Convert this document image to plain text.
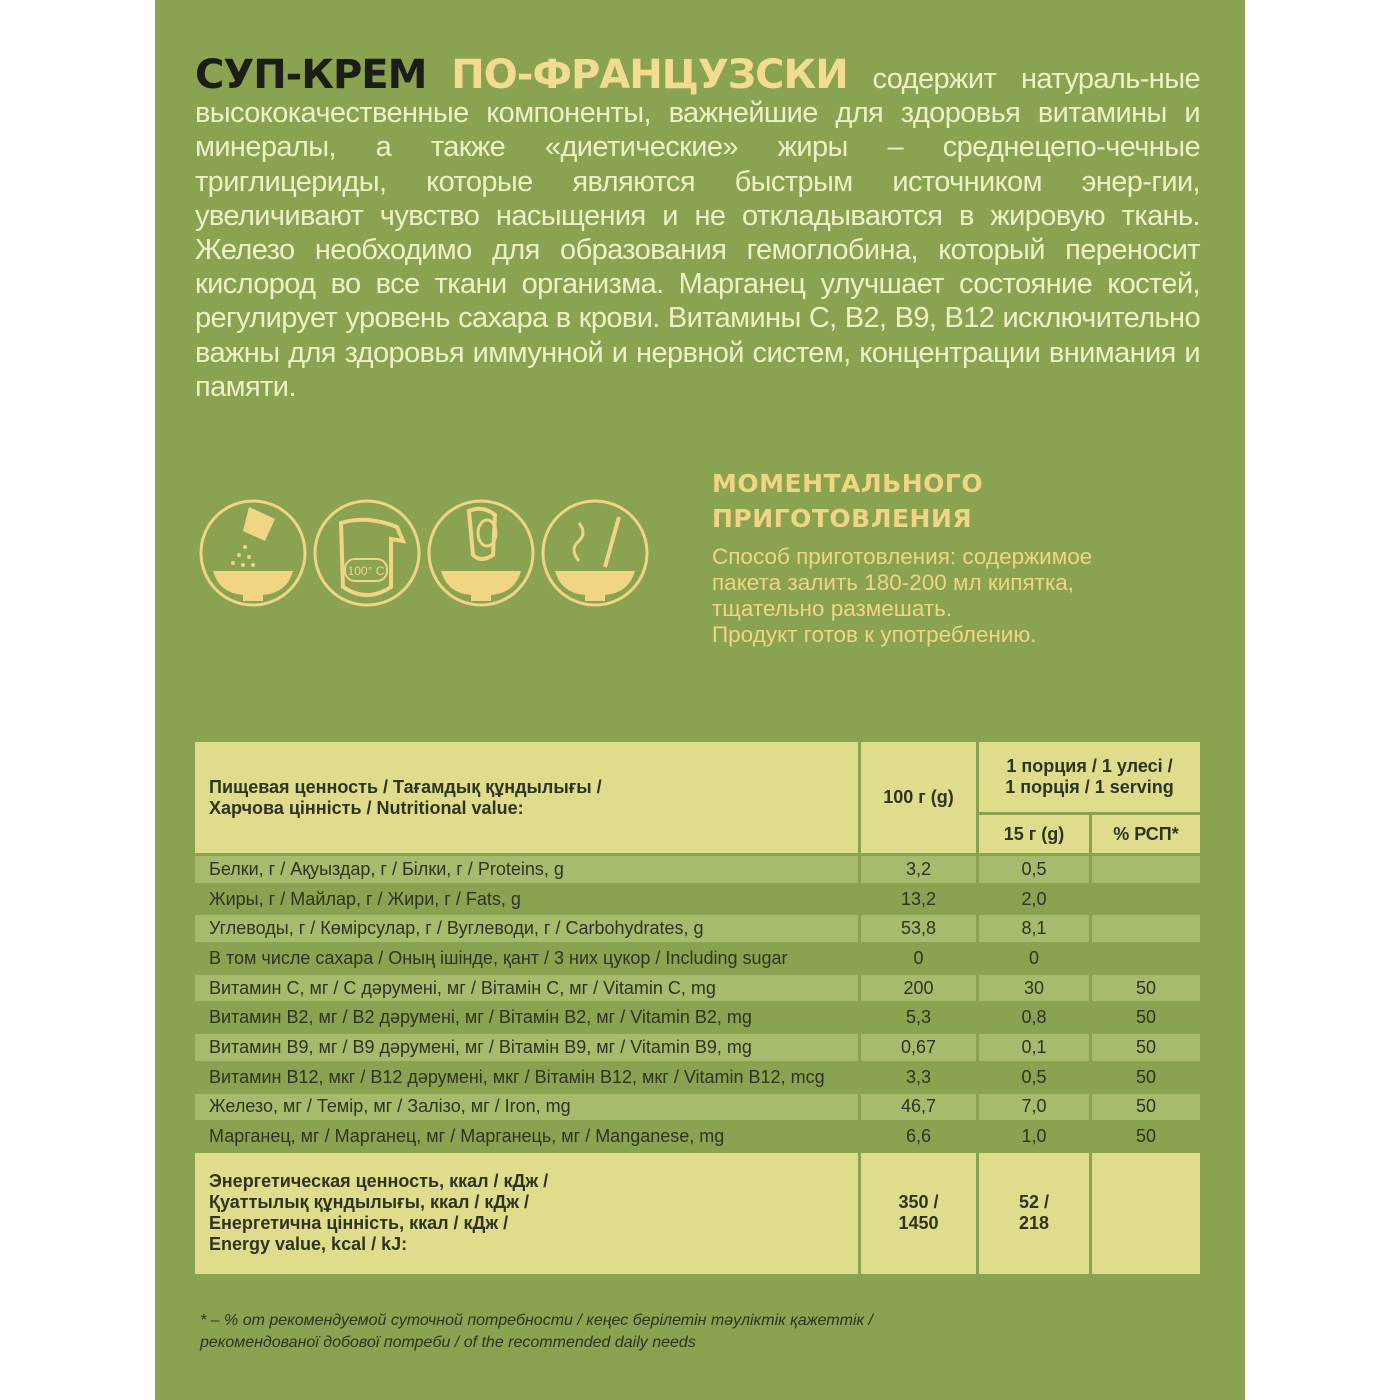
СУП-КРЕМ ПО-ФРАНЦУЗСКИ содержит натураль-ные высококачественные компоненты, важнейшие для здоровья витамины и минералы, а также «диетические» жиры – среднецепо-чечные триглицериды, которые являются быстрым источником энер-гии, увеличивают чувство насыщения и не откладываются в жировую ткань. Железо необходимо для образования гемоглобина, который переносит кислород во все ткани организма. Марганец улучшает состояние костей, регулирует уровень сахара в крови. Витамины С, В2, В9, В12 исключительно важны для здоровья иммунной и нервной систем, концентрации внимания и памяти.

100° C

МОМЕНТАЛЬНОГО
ПРИГОТОВЛЕНИЯ

Способ приготовления: содержимое
пакета залить 180-200 мл кипятка,
тщательно размешать.
Продукт готов к употреблению.

Пищевая ценность / Тағамдық құндылығы /
Харчова цінність / Nutritional value:	100 г (g)	1 порция / 1 улесі /
1 порція / 1 serving	
		15 г (g)	% РСП*
Белки, г / Ақуыздар, г / Білки, г / Proteins, g	3,2	0,5	
Жиры, г / Майлар, г / Жири, г / Fats, g	13,2	2,0	
Углеводы, г / Көмірсулар, г / Вуглеводи, г / Carbohydrates, g	53,8	8,1	
В том числе сахара / Оның ішінде, қант / 3 них цукор / Including sugar	0	0	
Витамин С, мг / С дәрумені, мг / Вітамін С, мг / Vitamin C, mg	200	30	50
Витамин В2, мг / В2 дәрумені, мг / Вітамін В2, мг / Vitamin B2, mg	5,3	0,8	50
Витамин В9, мг / В9 дәрумені, мг / Вітамін В9, мг / Vitamin B9, mg	0,67	0,1	50
Витамин В12, мкг / В12 дәрумені, мкг / Вітамін В12, мкг / Vitamin B12, mcg	3,3	0,5	50
Железо, мг / Темір, мг / Залізо, мг / Iron, mg	46,7	7,0	50
Марганец, мг / Марганец, мг / Марганець, мг / Manganese, mg	6,6	1,0	50
Энергетическая ценность, ккал / кДж /
Қуаттылық құндылығы, ккал / кДж /
Енергетична цінність, ккал / кДж /
Energy value, kcal / kJ:	350 /
1450	52 /
218	

* – % от рекомендуемой суточной потребности / кеңес берілетін тәуліктік қажеттік /
рекомендованої добової потреби / of the recommended daily needs
